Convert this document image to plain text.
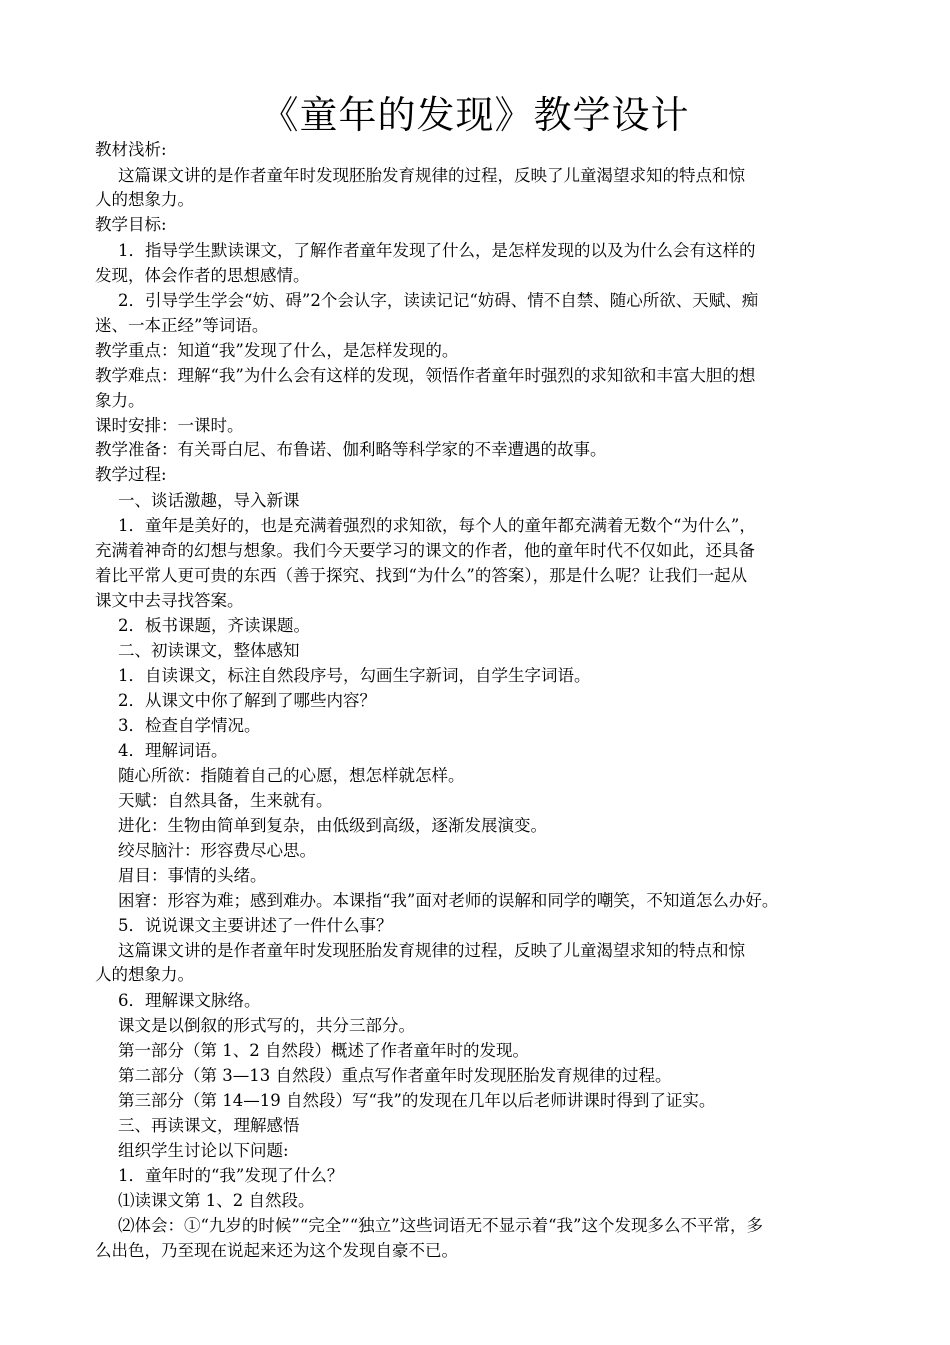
《童年的发现》教学设计
教材浅析:
这篇课文讲的是作者童年时发现胚胎发育规律的过程，反映了儿童渴望求知的特点和惊
人的想象力。
教学目标:
1．指导学生默读课文，了解作者童年发现了什么，是怎样发现的以及为什么会有这样的
发现，体会作者的思想感情。
2．引导学生学会“妨、碍”2个会认字，读读记记“妨碍、情不自禁、随心所欲、天赋、痴
迷、一本正经”等词语。
教学重点：知道“我”发现了什么，是怎样发现的。
教学难点：理解“我”为什么会有这样的发现，领悟作者童年时强烈的求知欲和丰富大胆的想
象力。
课时安排：一课时。
教学准备：有关哥白尼、布鲁诺、伽利略等科学家的不幸遭遇的故事。
教学过程:
一、谈话激趣，导入新课
1．童年是美好的，也是充满着强烈的求知欲，每个人的童年都充满着无数个“为什么”，
充满着神奇的幻想与想象。我们今天要学习的课文的作者，他的童年时代不仅如此，还具备
着比平常人更可贵的东西（善于探究、找到“为什么”的答案），那是什么呢？让我们一起从
课文中去寻找答案。
2．板书课题，齐读课题。
二、初读课文，整体感知
1．自读课文，标注自然段序号，勾画生字新词，自学生字词语。
2．从课文中你了解到了哪些内容？
3．检查自学情况。
4．理解词语。
随心所欲：指随着自己的心愿，想怎样就怎样。
天赋：自然具备，生来就有。
进化：生物由简单到复杂，由低级到高级，逐渐发展演变。
绞尽脑汁：形容费尽心思。
眉目：事情的头绪。
困窘：形容为难；感到难办。本课指“我”面对老师的误解和同学的嘲笑，不知道怎么办好。
5．说说课文主要讲述了一件什么事？
这篇课文讲的是作者童年时发现胚胎发育规律的过程，反映了儿童渴望求知的特点和惊
人的想象力。
6．理解课文脉络。
课文是以倒叙的形式写的，共分三部分。
第一部分（第 1、2 自然段）概述了作者童年时的发现。
第二部分（第 3—13 自然段）重点写作者童年时发现胚胎发育规律的过程。
第三部分（第 14—19 自然段）写“我”的发现在几年以后老师讲课时得到了证实。
三、再读课文，理解感悟
组织学生讨论以下问题:
1．童年时的“我”发现了什么？
⑴读课文第 1、2 自然段。
⑵体会：①“九岁的时候”“完全”“独立”这些词语无不显示着“我”这个发现多么不平常，多
么出色，乃至现在说起来还为这个发现自豪不已。
